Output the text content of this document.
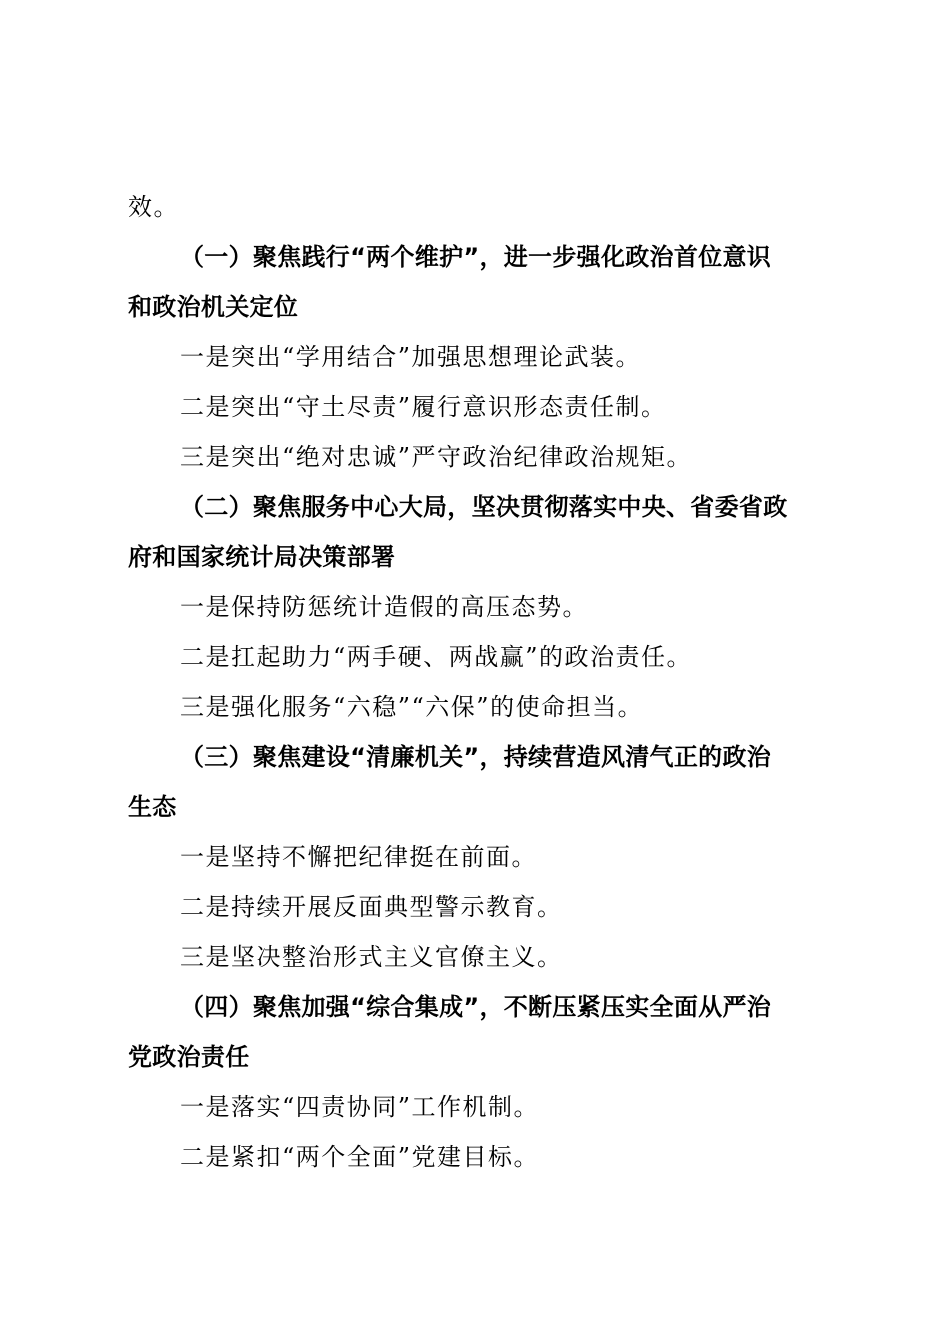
效。

（一）聚焦践行“两个维护”，进一步强化政治首位意识

和政治机关定位

一是突出“学用结合”加强思想理论武装。

二是突出“守土尽责”履行意识形态责任制。

三是突出“绝对忠诚”严守政治纪律政治规矩。

（二）聚焦服务中心大局，坚决贯彻落实中央、省委省政

府和国家统计局决策部署

一是保持防惩统计造假的高压态势。

二是扛起助力“两手硬、两战赢”的政治责任。

三是强化服务“六稳”“六保”的使命担当。

（三）聚焦建设“清廉机关”，持续营造风清气正的政治

生态

一是坚持不懈把纪律挺在前面。

二是持续开展反面典型警示教育。

三是坚决整治形式主义官僚主义。

（四）聚焦加强“综合集成”，不断压紧压实全面从严治

党政治责任

一是落实“四责协同”工作机制。

二是紧扣“两个全面”党建目标。
